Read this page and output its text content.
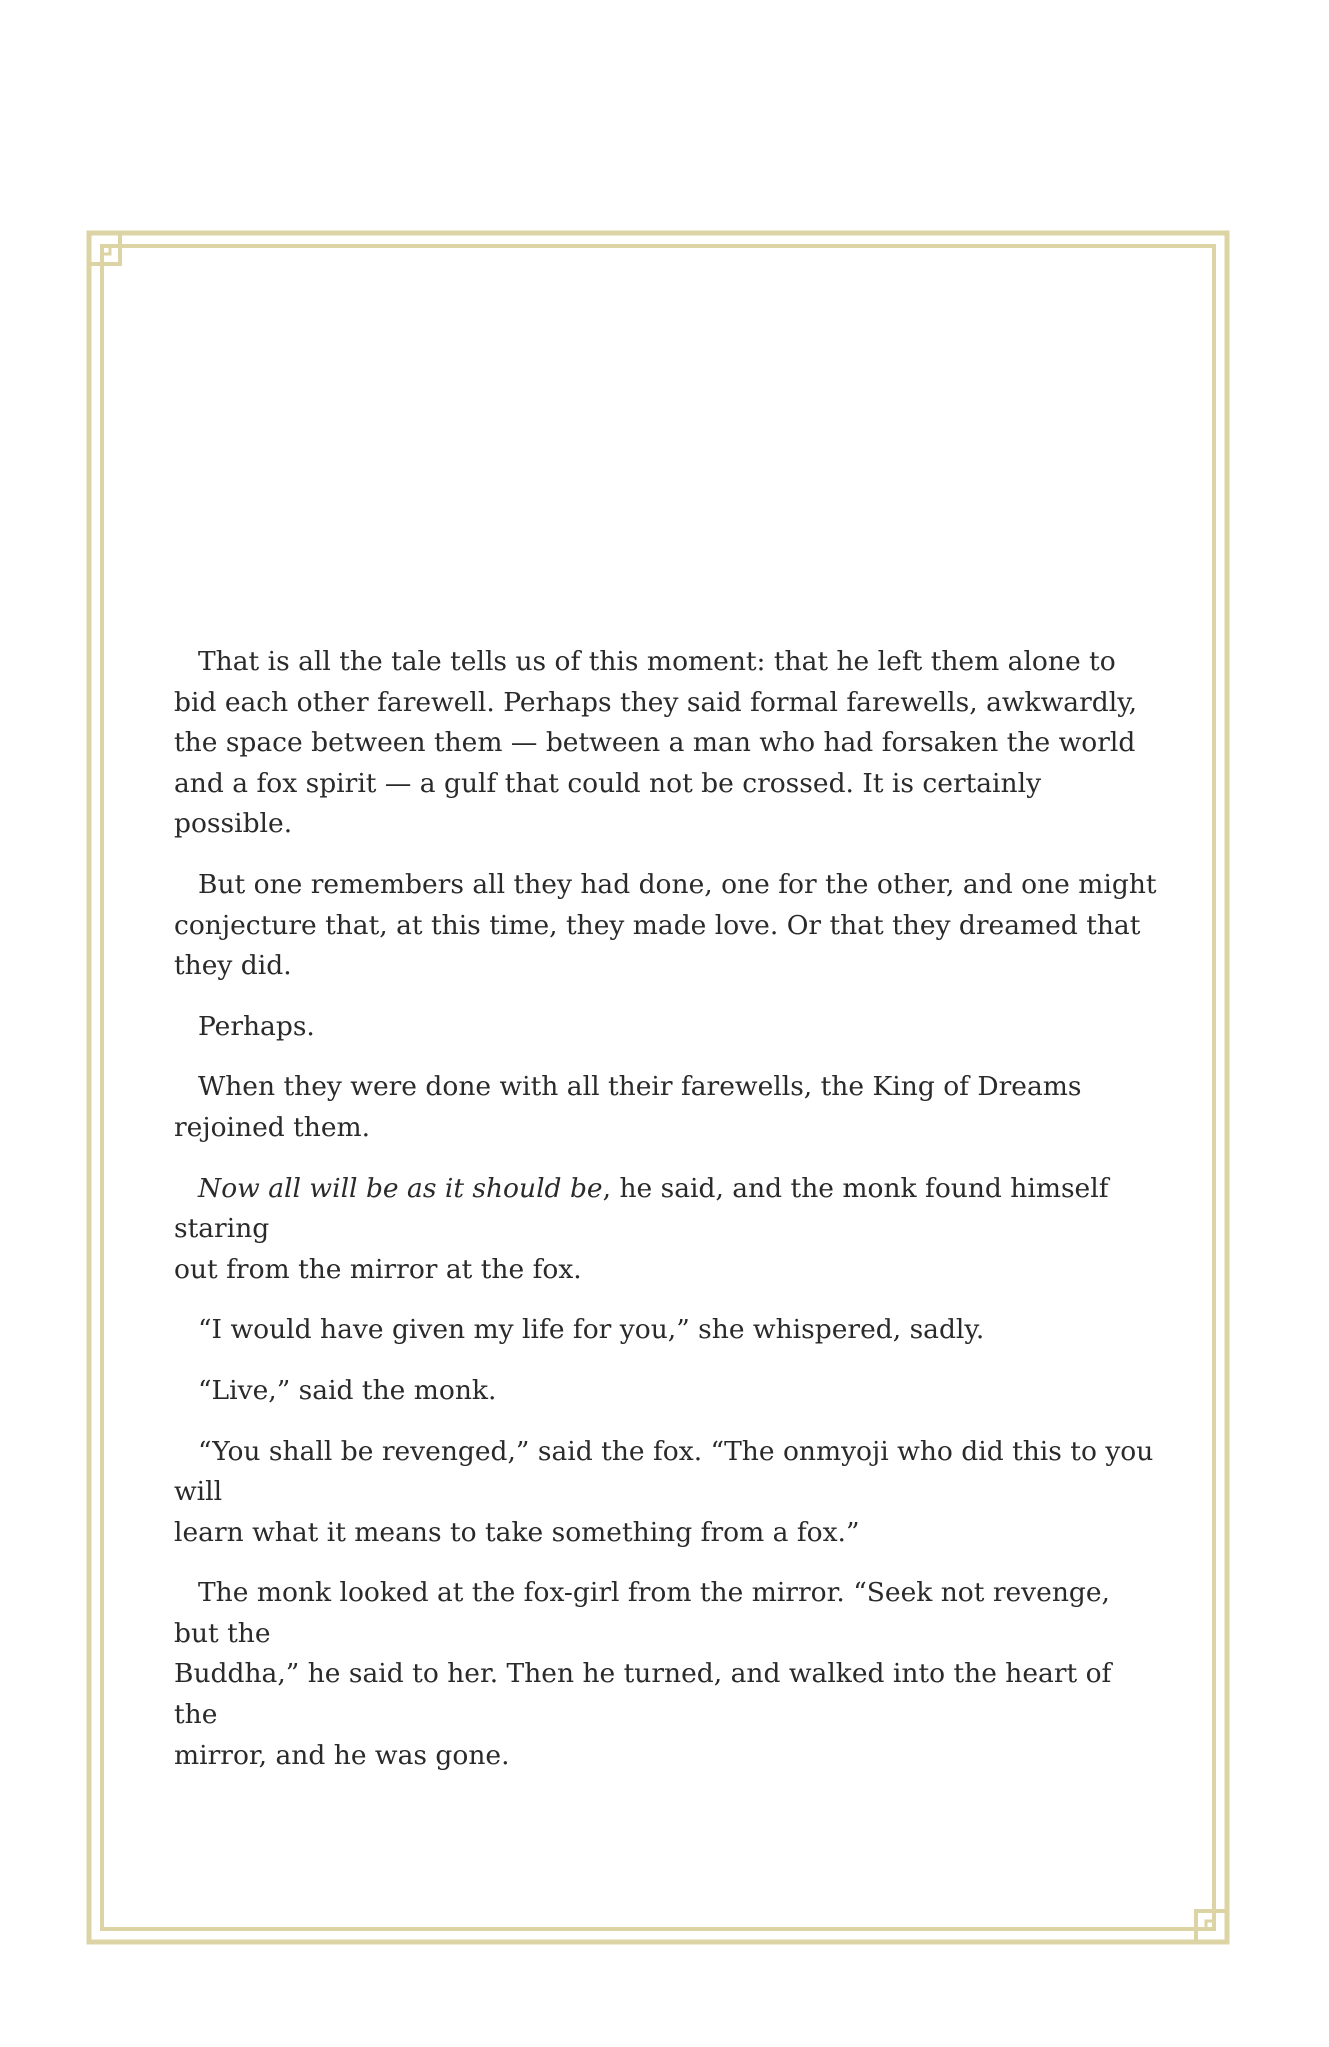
That is all the tale tells us of this moment: that he left them alone to
bid each other farewell. Perhaps they said formal farewells, awkwardly,
the space between them — between a man who had forsaken the world
and a fox spirit — a gulf that could not be crossed. It is certainly possible.

But one remembers all they had done, one for the other, and one might
conjecture that, at this time, they made love. Or that they dreamed that
they did.

Perhaps.

When they were done with all their farewells, the King of Dreams rejoined them.

Now all will be as it should be, he said, and the monk found himself staring
out from the mirror at the fox.

“I would have given my life for you,” she whispered, sadly.

“Live,” said the monk.

“You shall be revenged,” said the fox. “The onmyoji who did this to you will
learn what it means to take something from a fox.”

The monk looked at the fox-girl from the mirror. “Seek not revenge, but the
Buddha,” he said to her. Then he turned, and walked into the heart of the
mirror, and he was gone.
